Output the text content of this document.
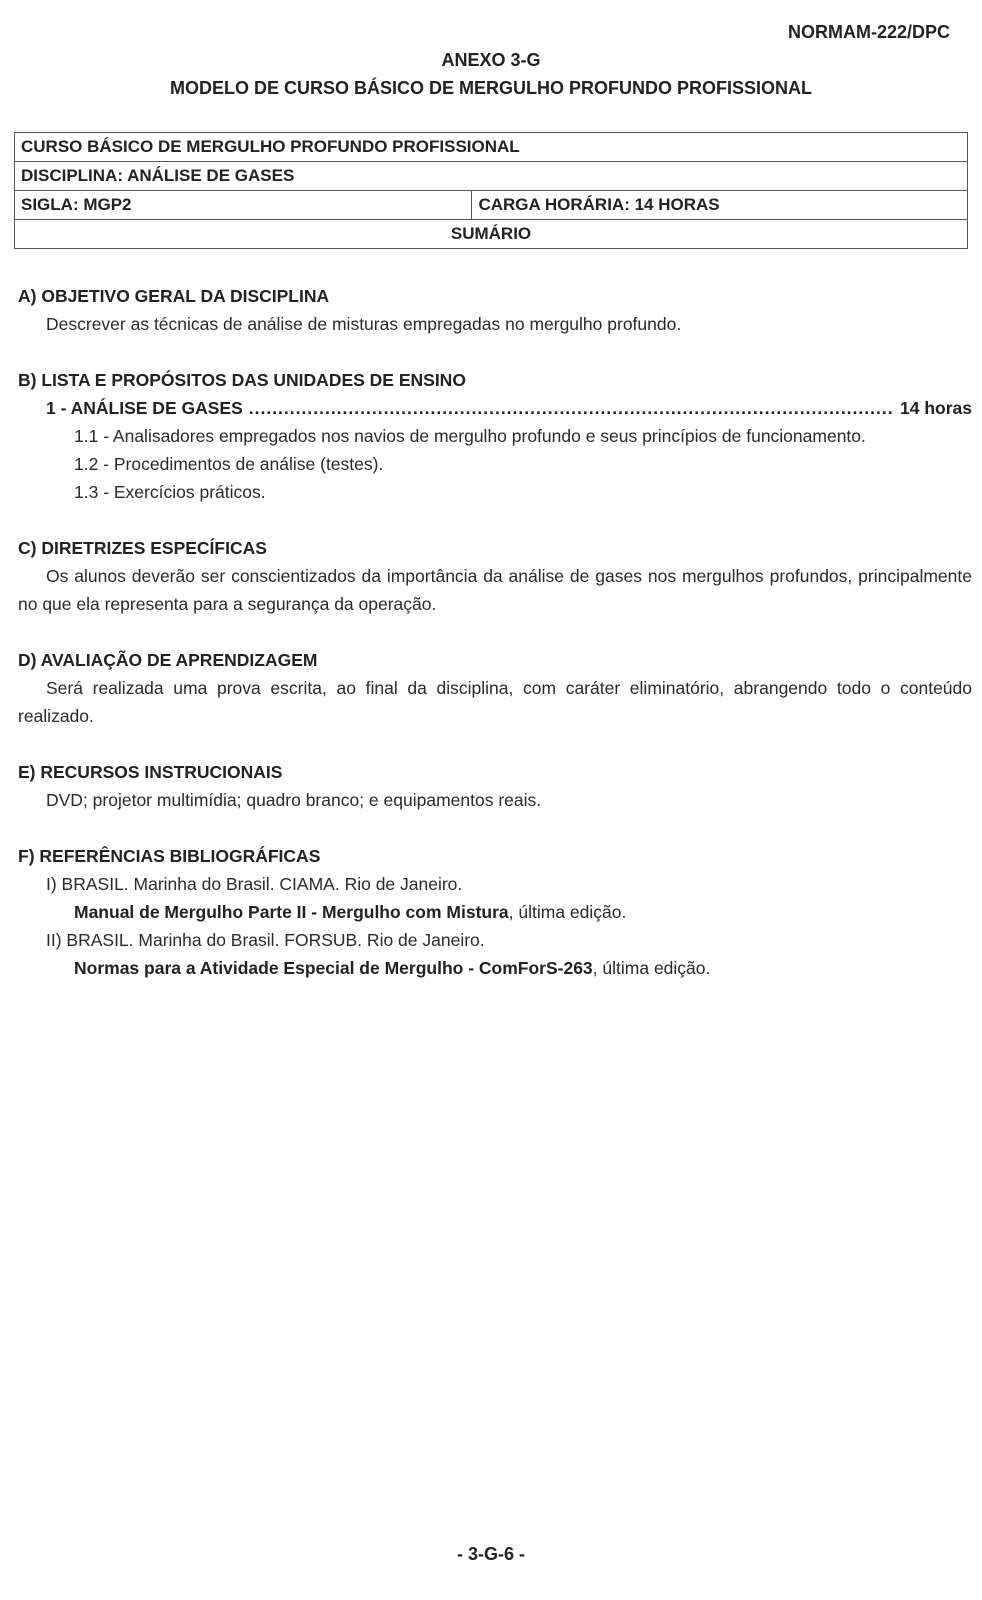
NORMAM-222/DPC
ANEXO 3-G
MODELO DE CURSO BÁSICO DE MERGULHO PROFUNDO PROFISSIONAL
CURSO BÁSICO DE MERGULHO PROFUNDO PROFISSIONAL
DISCIPLINA: ANÁLISE DE GASES
SIGLA: MGP2	CARGA HORÁRIA: 14 HORAS
SUMÁRIO
A) OBJETIVO GERAL DA DISCIPLINA
Descrever as técnicas de análise de misturas empregadas no mergulho profundo.
B) LISTA E PROPÓSITOS DAS UNIDADES DE ENSINO
1 - ANÁLISE DE GASES
.....	14 horas
1.1 - Analisadores empregados nos navios de mergulho profundo e seus princípios de funcionamento.
1.2 - Procedimentos de análise (testes).
1.3 - Exercícios práticos.
C) DIRETRIZES ESPECÍFICAS
Os alunos deverão ser conscientizados da importância da análise de gases nos mergulhos profundos, principalmente no que ela representa para a segurança da operação.
D) AVALIAÇÃO DE APRENDIZAGEM
Será realizada uma prova escrita, ao final da disciplina, com caráter eliminatório, abrangendo todo o conteúdo realizado.
E) RECURSOS INSTRUCIONAIS
DVD; projetor multimídia; quadro branco; e equipamentos reais.
F) REFERÊNCIAS BIBLIOGRÁFICAS
I) BRASIL. Marinha do Brasil. CIAMA. Rio de Janeiro.
Manual de Mergulho Parte II - Mergulho com Mistura, última edição.
II) BRASIL. Marinha do Brasil. FORSUB. Rio de Janeiro.
Normas para a Atividade Especial de Mergulho - ComForS-263, última edição.
- 3-G-6 -
